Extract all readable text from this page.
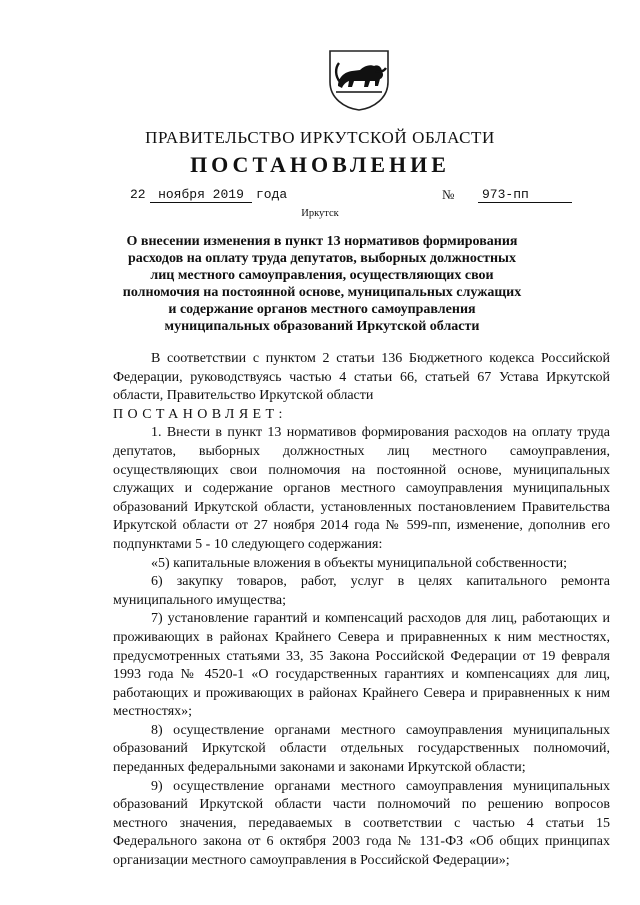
ПРАВИТЕЛЬСТВО ИРКУТСКОЙ ОБЛАСТИ
ПОСТАНОВЛЕНИЕ
22 ноября 2019 года	№	973-пп
Иркутск
О внесении изменения в пункт 13 нормативов формирования расходов на оплату труда депутатов, выборных должностных лиц местного самоуправления, осуществляющих свои полномочия на постоянной основе, муниципальных служащих и содержание органов местного самоуправления муниципальных образований Иркутской области

В соответствии с пунктом 2 статьи 136 Бюджетного кодекса Российской Федерации, руководствуясь частью 4 статьи 66, статьей 67 Устава Иркутской области, Правительство Иркутской области

ПОСТАНОВЛЯЕТ:

1. Внести в пункт 13 нормативов формирования расходов на оплату труда депутатов, выборных должностных лиц местного самоуправления, осуществляющих свои полномочия на постоянной основе, муниципальных служащих и содержание органов местного самоуправления муниципальных образований Иркутской области, установленных постановлением Правительства Иркутской области от 27 ноября 2014 года № 599-пп, изменение, дополнив его подпунктами 5 - 10 следующего содержания:

«5) капитальные вложения в объекты муниципальной собственности;

6) закупку товаров, работ, услуг в целях капитального ремонта муниципального имущества;

7) установление гарантий и компенсаций расходов для лиц, работающих и проживающих в районах Крайнего Севера и приравненных к ним местностях, предусмотренных статьями 33, 35 Закона Российской Федерации от 19 февраля 1993 года № 4520-1 «О государственных гарантиях и компенсациях для лиц, работающих и проживающих в районах Крайнего Севера и приравненных к ним местностях»;

8) осуществление органами местного самоуправления муниципальных образований Иркутской области отдельных государственных полномочий, переданных федеральными законами и законами Иркутской области;

9) осуществление органами местного самоуправления муниципальных образований Иркутской области части полномочий по решению вопросов местного значения, передаваемых в соответствии с частью 4 статьи 15 Федерального закона от 6 октября 2003 года № 131-ФЗ «Об общих принципах организации местного самоуправления в Российской Федерации»;
